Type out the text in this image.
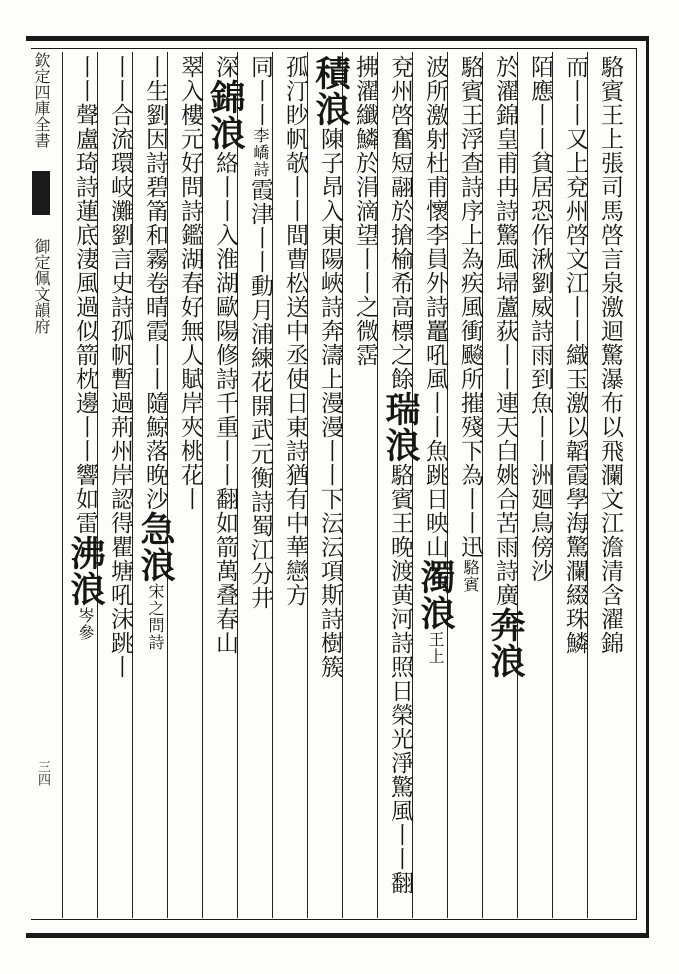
欽定四庫全書  御定佩文韻府
三四
駱賓王上張司馬啓言泉激迴驚瀑布以飛瀾文江澹清含濯錦
而丨丨又上兗州啓文江丨丨織玉激以韜霞學海驚瀾綴珠鱗
陌應丨丨貧居恐作湫劉威詩雨到魚丨丨洲廻鳥傍沙
於濯錦皇甫冉詩驚風埽蘆荻丨丨連天白姚合苦雨詩廣奔浪
駱賓王浮查詩序上為疾風衝飈所摧殘下為丨丨迅駱賓
波所激射杜甫懷李員外詩鼉吼風丨丨魚跳日映山濁浪王上
兗州啓奮短翮於搶榆希高標之餘瑞浪駱賓王晚渡黄河詩照日榮光淨驚風丨丨翻
拂濯纖鱗於涓滴望丨丨之微霑
積浪陳子昂入東陽峽詩奔濤上漫漫丨丨下沄沄項斯詩樹簇
孤汀眇帆欹丨丨間曹松送中丞使日東詩猶有中華戀方
同丨丨李嶠詩霞津丨丨動月浦練花開武元衡詩蜀江分井
深錦浪絡丨丨入淮湖歐陽修詩千重丨丨翻如箭萬叠春山
翠入樓元好問詩鑑湖春好無人賦岸夾桃花丨
丨生劉因詩碧筩和霧卷晴霞丨丨隨鯨落晚沙急浪宋之問詩
丨丨合流環岐灘劉言史詩孤帆暫過荊州岸認得瞿塘吼沫跳丨
丨丨聲盧琦詩蓮底淒風過似箭枕邊丨丨響如雷沸浪岑參
